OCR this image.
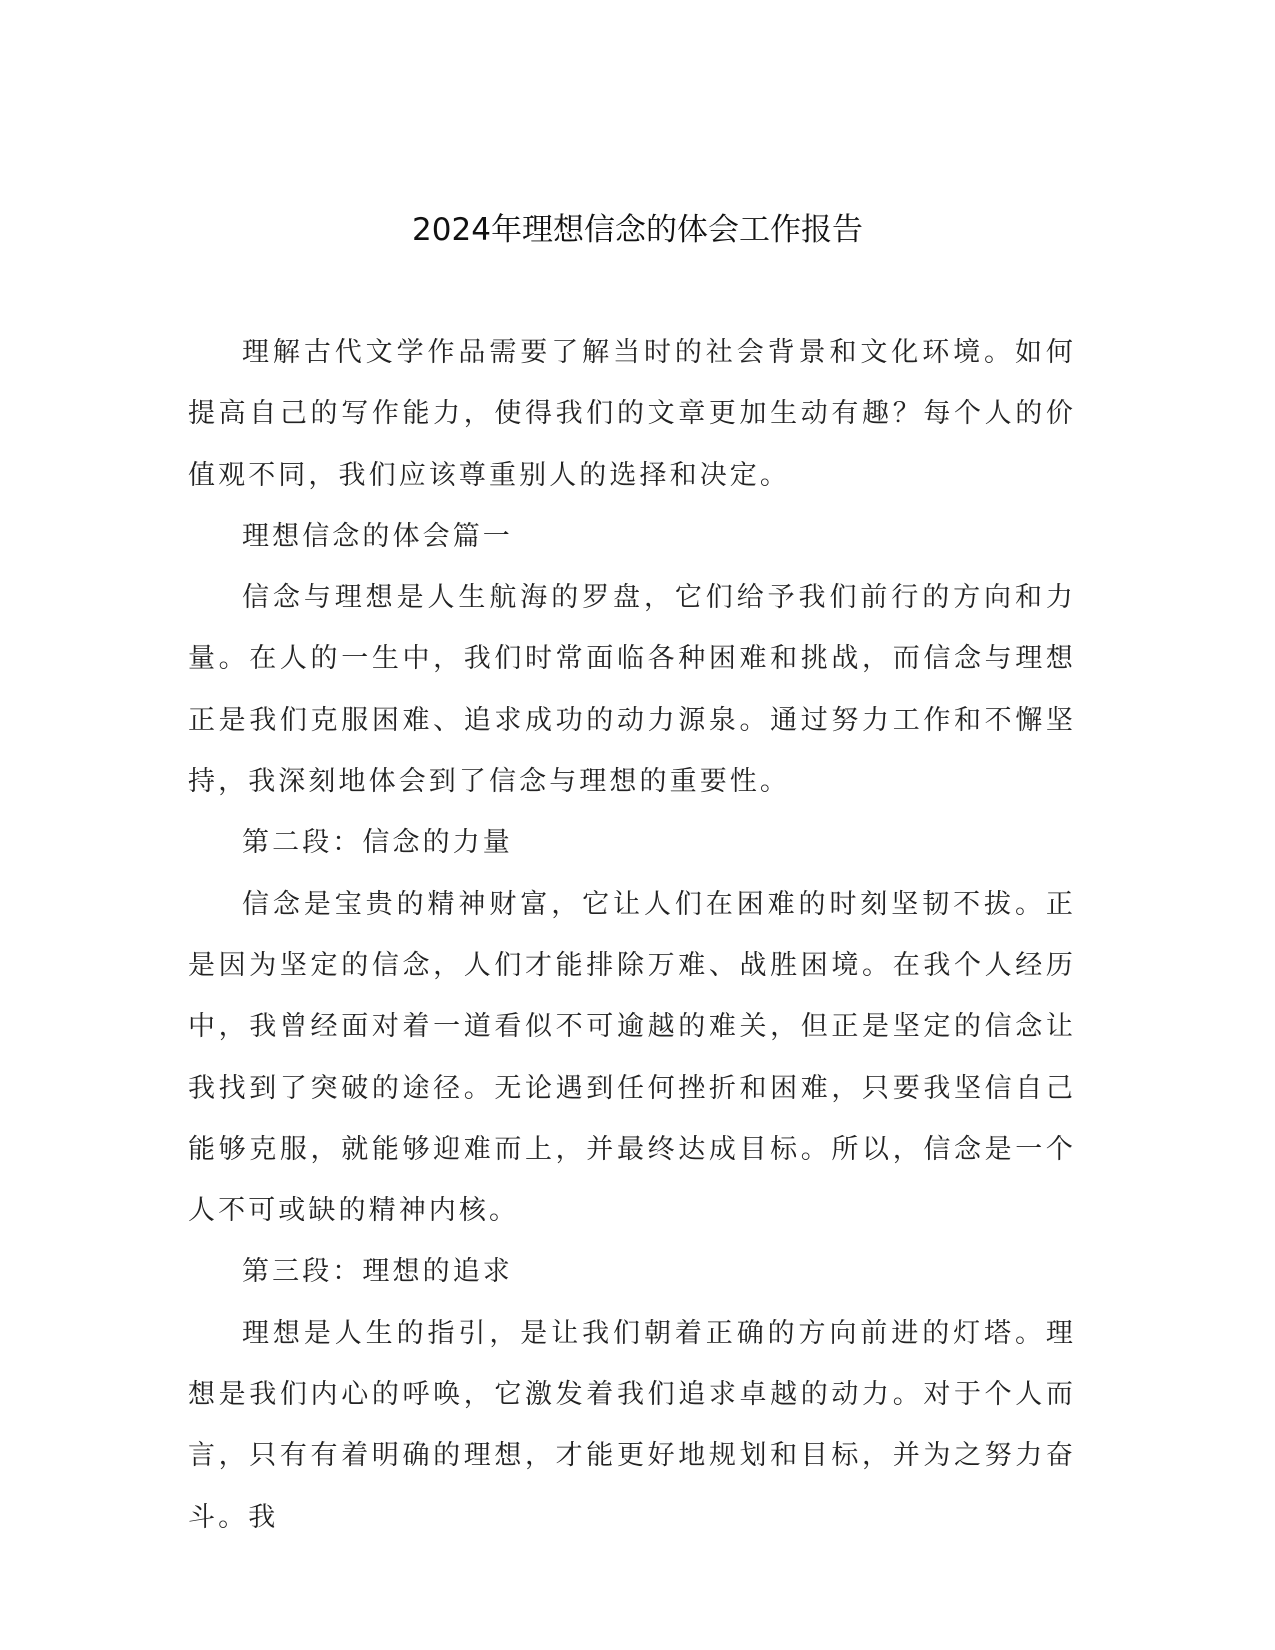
2024年理想信念的体会工作报告

理解古代文学作品需要了解当时的社会背景和文化环境。如何提高自己的写作能力，使得我们的文章更加生动有趣？每个人的价值观不同，我们应该尊重别人的选择和决定。

理想信念的体会篇一

信念与理想是人生航海的罗盘，它们给予我们前行的方向和力量。在人的一生中，我们时常面临各种困难和挑战，而信念与理想正是我们克服困难、追求成功的动力源泉。通过努力工作和不懈坚持，我深刻地体会到了信念与理想的重要性。

第二段：信念的力量

信念是宝贵的精神财富，它让人们在困难的时刻坚韧不拔。正是因为坚定的信念，人们才能排除万难、战胜困境。在我个人经历中，我曾经面对着一道看似不可逾越的难关，但正是坚定的信念让我找到了突破的途径。无论遇到任何挫折和困难，只要我坚信自己能够克服，就能够迎难而上，并最终达成目标。所以，信念是一个人不可或缺的精神内核。

第三段：理想的追求

理想是人生的指引，是让我们朝着正确的方向前进的灯塔。理想是我们内心的呼唤，它激发着我们追求卓越的动力。对于个人而言，只有有着明确的理想，才能更好地规划和目标，并为之努力奋斗。我
